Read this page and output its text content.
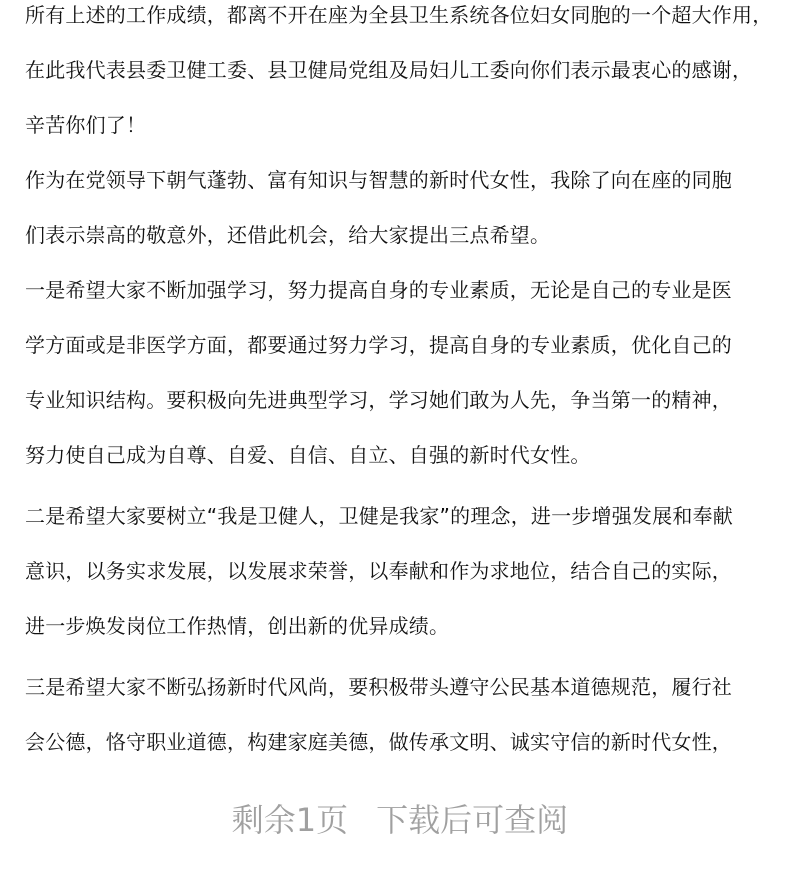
所有上述的工作成绩，都离不开在座为全县卫生系统各位妇女同胞的一个超大作用，
在此我代表县委卫健工委、县卫健局党组及局妇儿工委向你们表示最衷心的感谢，
辛苦你们了！
作为在党领导下朝气蓬勃、富有知识与智慧的新时代女性，我除了向在座的同胞
们表示崇高的敬意外，还借此机会，给大家提出三点希望。
一是希望大家不断加强学习，努力提高自身的专业素质，无论是自己的专业是医
学方面或是非医学方面，都要通过努力学习，提高自身的专业素质，优化自己的
专业知识结构。要积极向先进典型学习，学习她们敢为人先，争当第一的精神，
努力使自己成为自尊、自爱、自信、自立、自强的新时代女性。
二是希望大家要树立“我是卫健人，卫健是我家”的理念，进一步增强发展和奉献
意识，以务实求发展，以发展求荣誉，以奉献和作为求地位，结合自己的实际，
进一步焕发岗位工作热情，创出新的优异成绩。
三是希望大家不断弘扬新时代风尚，要积极带头遵守公民基本道德规范，履行社
会公德，恪守职业道德，构建家庭美德，做传承文明、诚实守信的新时代女性，
剩余1页 下载后可查阅
